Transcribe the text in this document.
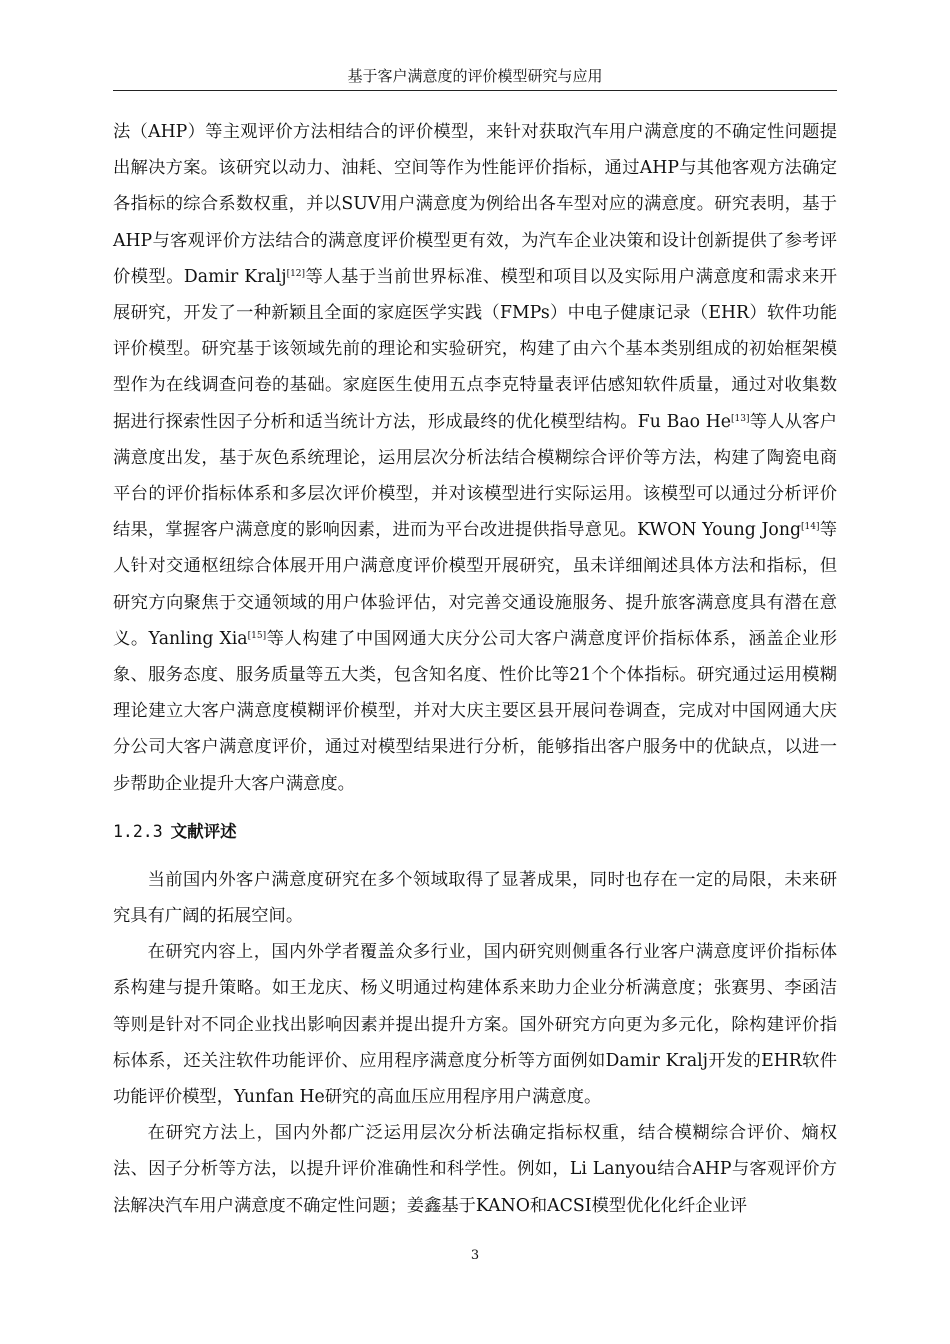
基于客户满意度的评价模型研究与应用

法（AHP）等主观评价方法相结合的评价模型，来针对获取汽车用户满意度的不确定性问题提出解决方案。该研究以动力、油耗、空间等作为性能评价指标，通过AHP与其他客观方法确定各指标的综合系数权重，并以SUV用户满意度为例给出各车型对应的满意度。研究表明，基于AHP与客观评价方法结合的满意度评价模型更有效，为汽车企业决策和设计创新提供了参考评价模型。Damir Kralj[12]等人基于当前世界标准、模型和项目以及实际用户满意度和需求来开展研究，开发了一种新颖且全面的家庭医学实践（FMPs）中电子健康记录（EHR）软件功能评价模型。研究基于该领域先前的理论和实验研究，构建了由六个基本类别组成的初始框架模型作为在线调查问卷的基础。家庭医生使用五点李克特量表评估感知软件质量，通过对收集数据进行探索性因子分析和适当统计方法，形成最终的优化模型结构。Fu Bao He[13]等人从客户满意度出发，基于灰色系统理论，运用层次分析法结合模糊综合评价等方法，构建了陶瓷电商平台的评价指标体系和多层次评价模型，并对该模型进行实际运用。该模型可以通过分析评价结果，掌握客户满意度的影响因素，进而为平台改进提供指导意见。KWON Young Jong[14]等人针对交通枢纽综合体展开用户满意度评价模型开展研究，虽未详细阐述具体方法和指标，但研究方向聚焦于交通领域的用户体验评估，对完善交通设施服务、提升旅客满意度具有潜在意义。Yanling Xia[15]等人构建了中国网通大庆分公司大客户满意度评价指标体系，涵盖企业形象、服务态度、服务质量等五大类，包含知名度、性价比等21个个体指标。研究通过运用模糊理论建立大客户满意度模糊评价模型，并对大庆主要区县开展问卷调查，完成对中国网通大庆分公司大客户满意度评价，通过对模型结果进行分析，能够指出客户服务中的优缺点，以进一步帮助企业提升大客户满意度。

1.2.3 文献评述

当前国内外客户满意度研究在多个领域取得了显著成果，同时也存在一定的局限，未来研究具有广阔的拓展空间。

在研究内容上，国内外学者覆盖众多行业，国内研究则侧重各行业客户满意度评价指标体系构建与提升策略。如王龙庆、杨义明通过构建体系来助力企业分析满意度；张赛男、李函洁等则是针对不同企业找出影响因素并提出提升方案。国外研究方向更为多元化，除构建评价指标体系，还关注软件功能评价、应用程序满意度分析等方面例如Damir Kralj开发的EHR软件功能评价模型，Yunfan He研究的高血压应用程序用户满意度。

在研究方法上，国内外都广泛运用层次分析法确定指标权重，结合模糊综合评价、熵权法、因子分析等方法，以提升评价准确性和科学性。例如，Li Lanyou结合AHP与客观评价方法解决汽车用户满意度不确定性问题；姜鑫基于KANO和ACSI模型优化化纤企业评

3
